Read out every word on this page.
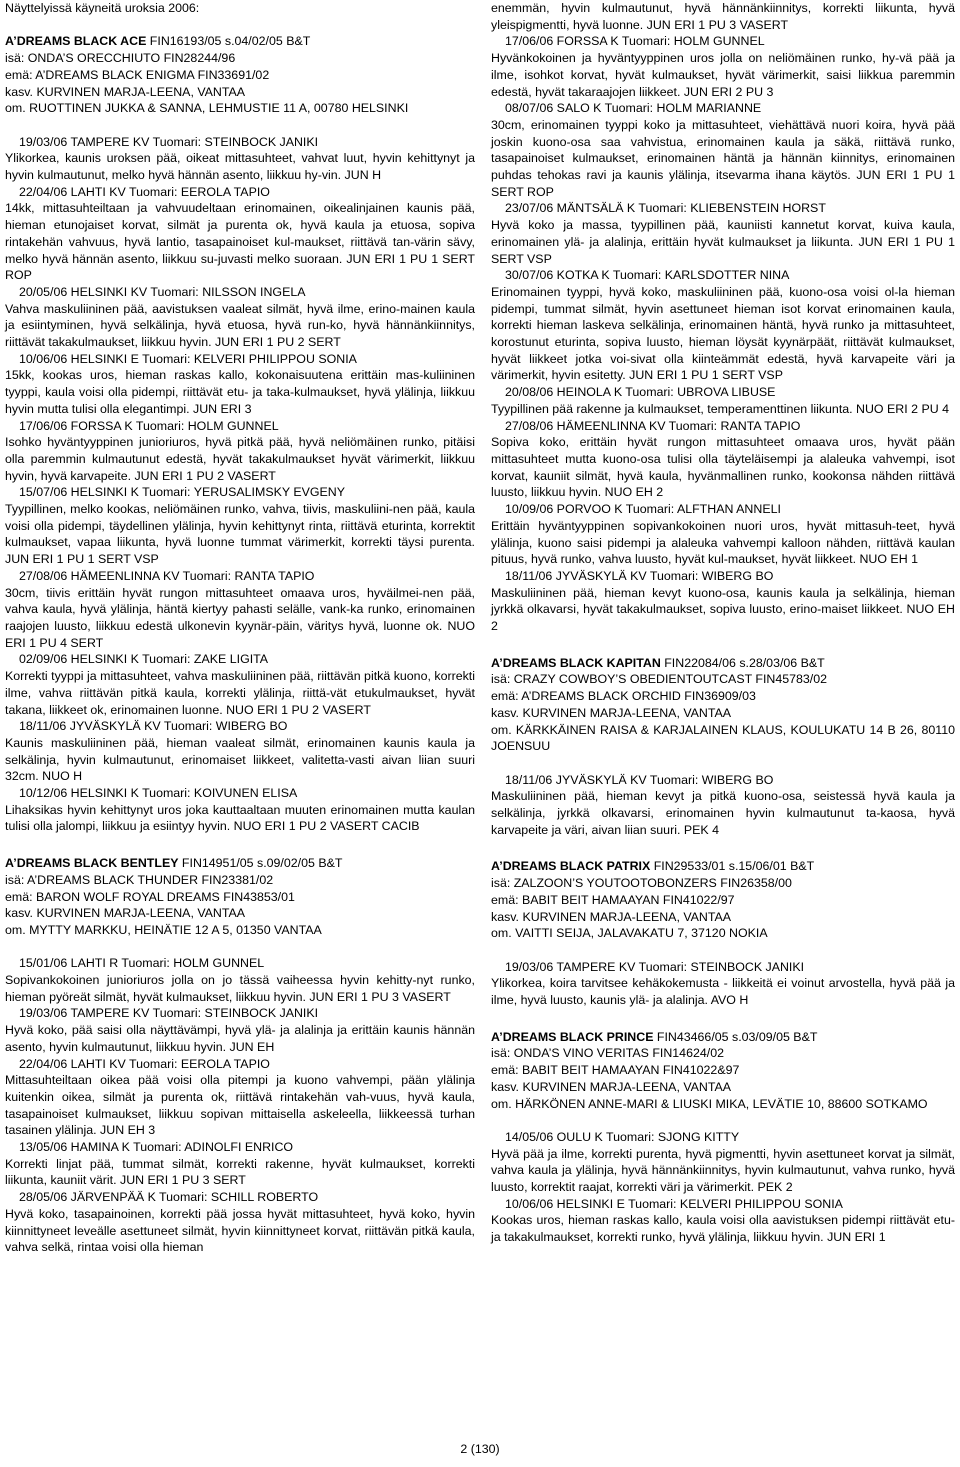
Näyttelyissä käyneitä uroksia 2006:

A’DREAMS BLACK ACE FIN16193/05 s.04/02/05 B&T
isä: ONDA’S ORECCHIUTO FIN28244/96
emä: A’DREAMS BLACK ENIGMA FIN33691/02
kasv. KURVINEN MARJA-LEENA, VANTAA
om. RUOTTINEN JUKKA & SANNA, LEHMUSTIE 11 A, 00780 HELSINKI

19/03/06 TAMPERE KV Tuomari: STEINBOCK JANIKI
Ylikorkea, kaunis uroksen pää, oikeat mittasuhteet, vahvat luut, hyvin kehittynyt ja hyvin kulmautunut, melko hyvä hännän asento, liikkuu hy-vin. JUN H

22/04/06 LAHTI KV Tuomari: EEROLA TAPIO
14kk, mittasuhteiltaan ja vahvuudeltaan erinomainen, oikealinjainen kaunis pää, hieman etunojaiset korvat, silmät ja purenta ok, hyvä kaula ja etuosa, sopiva rintakehän vahvuus, hyvä lantio, tasapainoiset kul-maukset, riittävä tan-värin sävy, melko hyvä hännän asento, liikkuu su-juvasti melko suoraan. JUN ERI 1 PU 1 SERT ROP

20/05/06 HELSINKI KV Tuomari: NILSSON INGELA
Vahva maskuliininen pää, aavistuksen vaaleat silmät, hyvä ilme, erino-mainen kaula ja esiintyminen, hyvä selkälinja, hyvä etuosa, hyvä run-ko, hyvä hännänkiinnitys, riittävät takakulmaukset, liikkuu hyvin. JUN ERI 1 PU 2 SERT

10/06/06 HELSINKI E Tuomari: KELVERI PHILIPPOU SONIA
15kk, kookas uros, hieman raskas kallo, kokonaisuutena erittäin mas-kuliininen tyyppi, kaula voisi olla pidempi, riittävät etu- ja taka-kulmaukset, hyvä ylälinja, liikkuu hyvin mutta tulisi olla elegantimpi. JUN ERI 3

17/06/06 FORSSA K Tuomari: HOLM GUNNEL
Isohko hyväntyyppinen junioriuros, hyvä pitkä pää, hyvä neliömäinen runko, pitäisi olla paremmin kulmautunut edestä, hyvät takakulmaukset hyvät värimerkit, liikkuu hyvin, hyvä karvapeite. JUN ERI 1 PU 2 VASERT

15/07/06 HELSINKI K Tuomari: YERUSALIMSKY EVGENY
Tyypillinen, melko kookas, neliömäinen runko, vahva, tiivis, maskuliini-nen pää, kaula voisi olla pidempi, täydellinen ylälinja, hyvin kehittynyt rinta, riittävä eturinta, korrektit kulmaukset, vapaa liikunta, hyvä luonne tummat värimerkit, korrekti täysi purenta. JUN ERI 1 PU 1 SERT VSP

27/08/06 HÄMEENLINNA KV Tuomari: RANTA TAPIO
30cm, tiivis erittäin hyvät rungon mittasuhteet omaava uros, hyväilmei-nen pää, vahva kaula, hyvä ylälinja, häntä kiertyy pahasti selälle, vank-ka runko, erinomainen raajojen luusto, liikkuu edestä ulkonevin kyynär-päin, väritys hyvä, luonne ok. NUO ERI 1 PU 4 SERT

02/09/06 HELSINKI K Tuomari: ZAKE LIGITA
Korrekti tyyppi ja mittasuhteet, vahva maskuliininen pää, riittävän pitkä kuono, korrekti ilme, vahva riittävän pitkä kaula, korrekti ylälinja, riittä-vät etukulmaukset, hyvät takana, liikkeet ok, erinomainen luonne. NUO ERI 1 PU 2 VASERT

18/11/06 JYVÄSKYLÄ KV Tuomari: WIBERG BO
Kaunis maskuliininen pää, hieman vaaleat silmät, erinomainen kaunis kaula ja selkälinja, hyvin kulmautunut, erinomaiset liikkeet, valitetta-vasti aivan liian suuri 32cm. NUO H

10/12/06 HELSINKI K Tuomari: KOIVUNEN ELISA
Lihaksikas hyvin kehittynyt uros joka kauttaaltaan muuten erinomainen mutta kaulan tulisi olla jalompi, liikkuu ja esiintyy hyvin. NUO ERI 1 PU 2 VASERT CACIB

A’DREAMS BLACK BENTLEY FIN14951/05 s.09/02/05 B&T
isä: A’DREAMS BLACK THUNDER FIN23381/02
emä: BARON WOLF ROYAL DREAMS FIN43853/01
kasv. KURVINEN MARJA-LEENA, VANTAA
om. MYTTY MARKKU, HEINÄTIE 12 A 5, 01350 VANTAA

15/01/06 LAHTI R Tuomari: HOLM GUNNEL
Sopivankokoinen junioriuros jolla on jo tässä vaiheessa hyvin kehitty-nyt runko, hieman pyöreät silmät, hyvät kulmaukset, liikkuu hyvin. JUN ERI 1 PU 3 VASERT

19/03/06 TAMPERE KV Tuomari: STEINBOCK JANIKI
Hyvä koko, pää saisi olla näyttävämpi, hyvä ylä- ja alalinja ja erittäin kaunis hännän asento, hyvin kulmautunut, liikkuu hyvin. JUN EH

22/04/06 LAHTI KV Tuomari: EEROLA TAPIO
Mittasuhteiltaan oikea pää voisi olla pitempi ja kuono vahvempi, pään ylälinja kuitenkin oikea, silmät ja purenta ok, riittävä rintakehän vah-vuus, hyvä kaula, tasapainoiset kulmaukset, liikkuu sopivan mittaisella askeleella, liikkeessä turhan tasainen ylälinja. JUN EH 3

13/05/06 HAMINA K Tuomari: ADINOLFI ENRICO
Korrekti linjat pää, tummat silmät, korrekti rakenne, hyvät kulmaukset, korrekti liikunta, kauniit värit. JUN ERI 1 PU 3 SERT

28/05/06 JÄRVENPÄÄ K Tuomari: SCHILL ROBERTO
Hyvä koko, tasapainoinen, korrekti pää jossa hyvät mittasuhteet, hyvä koko, hyvin kiinnittyneet leveälle asettuneet silmät, hyvin kiinnittyneet korvat, riittävän pitkä kaula, vahva selkä, rintaa voisi olla hieman

enemmän, hyvin kulmautunut, hyvä hännänkiinnitys, korrekti liikunta, hyvä yleispigmentti, hyvä luonne. JUN ERI 1 PU 3 VASERT

17/06/06 FORSSA K Tuomari: HOLM GUNNEL
Hyvänkokoinen ja hyväntyyppinen uros jolla on neliömäinen runko, hy-vä pää ja ilme, isohkot korvat, hyvät kulmaukset, hyvät värimerkit, saisi liikkua paremmin edestä, hyvät takaraajojen liikkeet. JUN ERI 2 PU 3

08/07/06 SALO K Tuomari: HOLM MARIANNE
30cm, erinomainen tyyppi koko ja mittasuhteet, viehättävä nuori koira, hyvä pää joskin kuono-osa saa vahvistua, erinomainen kaula ja säkä, riittävä runko, tasapainoiset kulmaukset, erinomainen häntä ja hännän kiinnitys, erinomainen puhdas tehokas ravi ja kaunis ylälinja, itsevarma ihana käytös. JUN ERI 1 PU 1 SERT ROP

23/07/06 MÄNTSÄLÄ K Tuomari: KLIEBENSTEIN HORST
Hyvä koko ja massa, tyypillinen pää, kauniisti kannetut korvat, kuiva kaula, erinomainen ylä- ja alalinja, erittäin hyvät kulmaukset ja liikunta. JUN ERI 1 PU 1 SERT VSP

30/07/06 KOTKA K Tuomari: KARLSDOTTER NINA
Erinomainen tyyppi, hyvä koko, maskuliininen pää, kuono-osa voisi ol-la hieman pidempi, tummat silmät, hyvin asettuneet hieman isot korvat erinomainen kaula, korrekti hieman laskeva selkälinja, erinomainen häntä, hyvä runko ja mittasuhteet, korostunut eturinta, sopiva luusto, hieman löysät kyynärpäät, riittävät kulmaukset, hyvät liikkeet jotka voi-sivat olla kiinteämmät edestä, hyvä karvapeite väri ja värimerkit, hyvin esitetty. JUN ERI 1 PU 1 SERT VSP

20/08/06 HEINOLA K Tuomari: UBROVA LIBUSE
Tyypillinen pää rakenne ja kulmaukset, temperamenttinen liikunta. NUO ERI 2 PU 4

27/08/06 HÄMEENLINNA KV Tuomari: RANTA TAPIO
Sopiva koko, erittäin hyvät rungon mittasuhteet omaava uros, hyvät pään mittasuhteet mutta kuono-osa tulisi olla täyteläisempi ja alaleuka vahvempi, isot korvat, kauniit silmät, hyvä kaula, hyvänmallinen runko, kookonsa nähden riittävä luusto, liikkuu hyvin. NUO EH 2

10/09/06 PORVOO K Tuomari: ALFTHAN ANNELI
Erittäin hyväntyyppinen sopivankokoinen nuori uros, hyvät mittasuh-teet, hyvä ylälinja, kuono saisi pidempi ja alaleuka vahvempi kalloon nähden, riittävä kaulan pituus, hyvä runko, vahva luusto, hyvät kul-maukset, hyvät liikkeet. NUO EH 1

18/11/06 JYVÄSKYLÄ KV Tuomari: WIBERG BO
Maskuliininen pää, hieman kevyt kuono-osa, kaunis kaula ja selkälinja, hieman jyrkkä olkavarsi, hyvät takakulmaukset, sopiva luusto, erino-maiset liikkeet. NUO EH 2

A’DREAMS BLACK KAPITAN FIN22084/06 s.28/03/06 B&T
isä: CRAZY COWBOY’S OBEDIENTOUTCAST FIN45783/02
emä: A’DREAMS BLACK ORCHID FIN36909/03
kasv. KURVINEN MARJA-LEENA, VANTAA
om. KÄRKKÄINEN RAISA & KARJALAINEN KLAUS, KOULUKATU 14 B 26, 80110 JOENSUU

18/11/06 JYVÄSKYLÄ KV Tuomari: WIBERG BO
Maskuliininen pää, hieman kevyt ja pitkä kuono-osa, seistessä hyvä kaula ja selkälinja, jyrkkä olkavarsi, erinomainen hyvin kulmautunut ta-kaosa, hyvä karvapeite ja väri, aivan liian suuri. PEK 4

A’DREAMS BLACK PATRIX FIN29533/01 s.15/06/01 B&T
isä: ZALZOON’S YOUTOOTOBONZERS FIN26358/00
emä: BABIT BEIT HAMAAYAN FIN41022/97
kasv. KURVINEN MARJA-LEENA, VANTAA
om. VAITTI SEIJA, JALAVAKATU 7, 37120 NOKIA

19/03/06 TAMPERE KV Tuomari: STEINBOCK JANIKI
Ylikorkea, koira tarvitsee kehäkokemusta - liikkeitä ei voinut arvostella, hyvä pää ja ilme, hyvä luusto, kaunis ylä- ja alalinja. AVO H

A’DREAMS BLACK PRINCE FIN43466/05 s.03/09/05 B&T
isä: ONDA’S VINO VERITAS FIN14624/02
emä: BABIT BEIT HAMAAYAN FIN41022&97
kasv. KURVINEN MARJA-LEENA, VANTAA
om. HÄRKÖNEN ANNE-MARI & LIUSKI MIKA, LEVÄTIE 10, 88600 SOTKAMO

14/05/06 OULU K Tuomari: SJONG KITTY
Hyvä pää ja ilme, korrekti purenta, hyvä pigmentti, hyvin asettuneet korvat ja silmät, vahva kaula ja ylälinja, hyvä hännänkiinnitys, hyvin kulmautunut, vahva runko, hyvä luusto, korrektit raajat, korrekti väri ja värimerkit. PEK 2

10/06/06 HELSINKI E Tuomari: KELVERI PHILIPPOU SONIA
Kookas uros, hieman raskas kallo, kaula voisi olla aavistuksen pidempi riittävät etu- ja takakulmaukset, korrekti runko, hyvä ylälinja, liikkuu hyvin. JUN ERI 1

2 (130)
